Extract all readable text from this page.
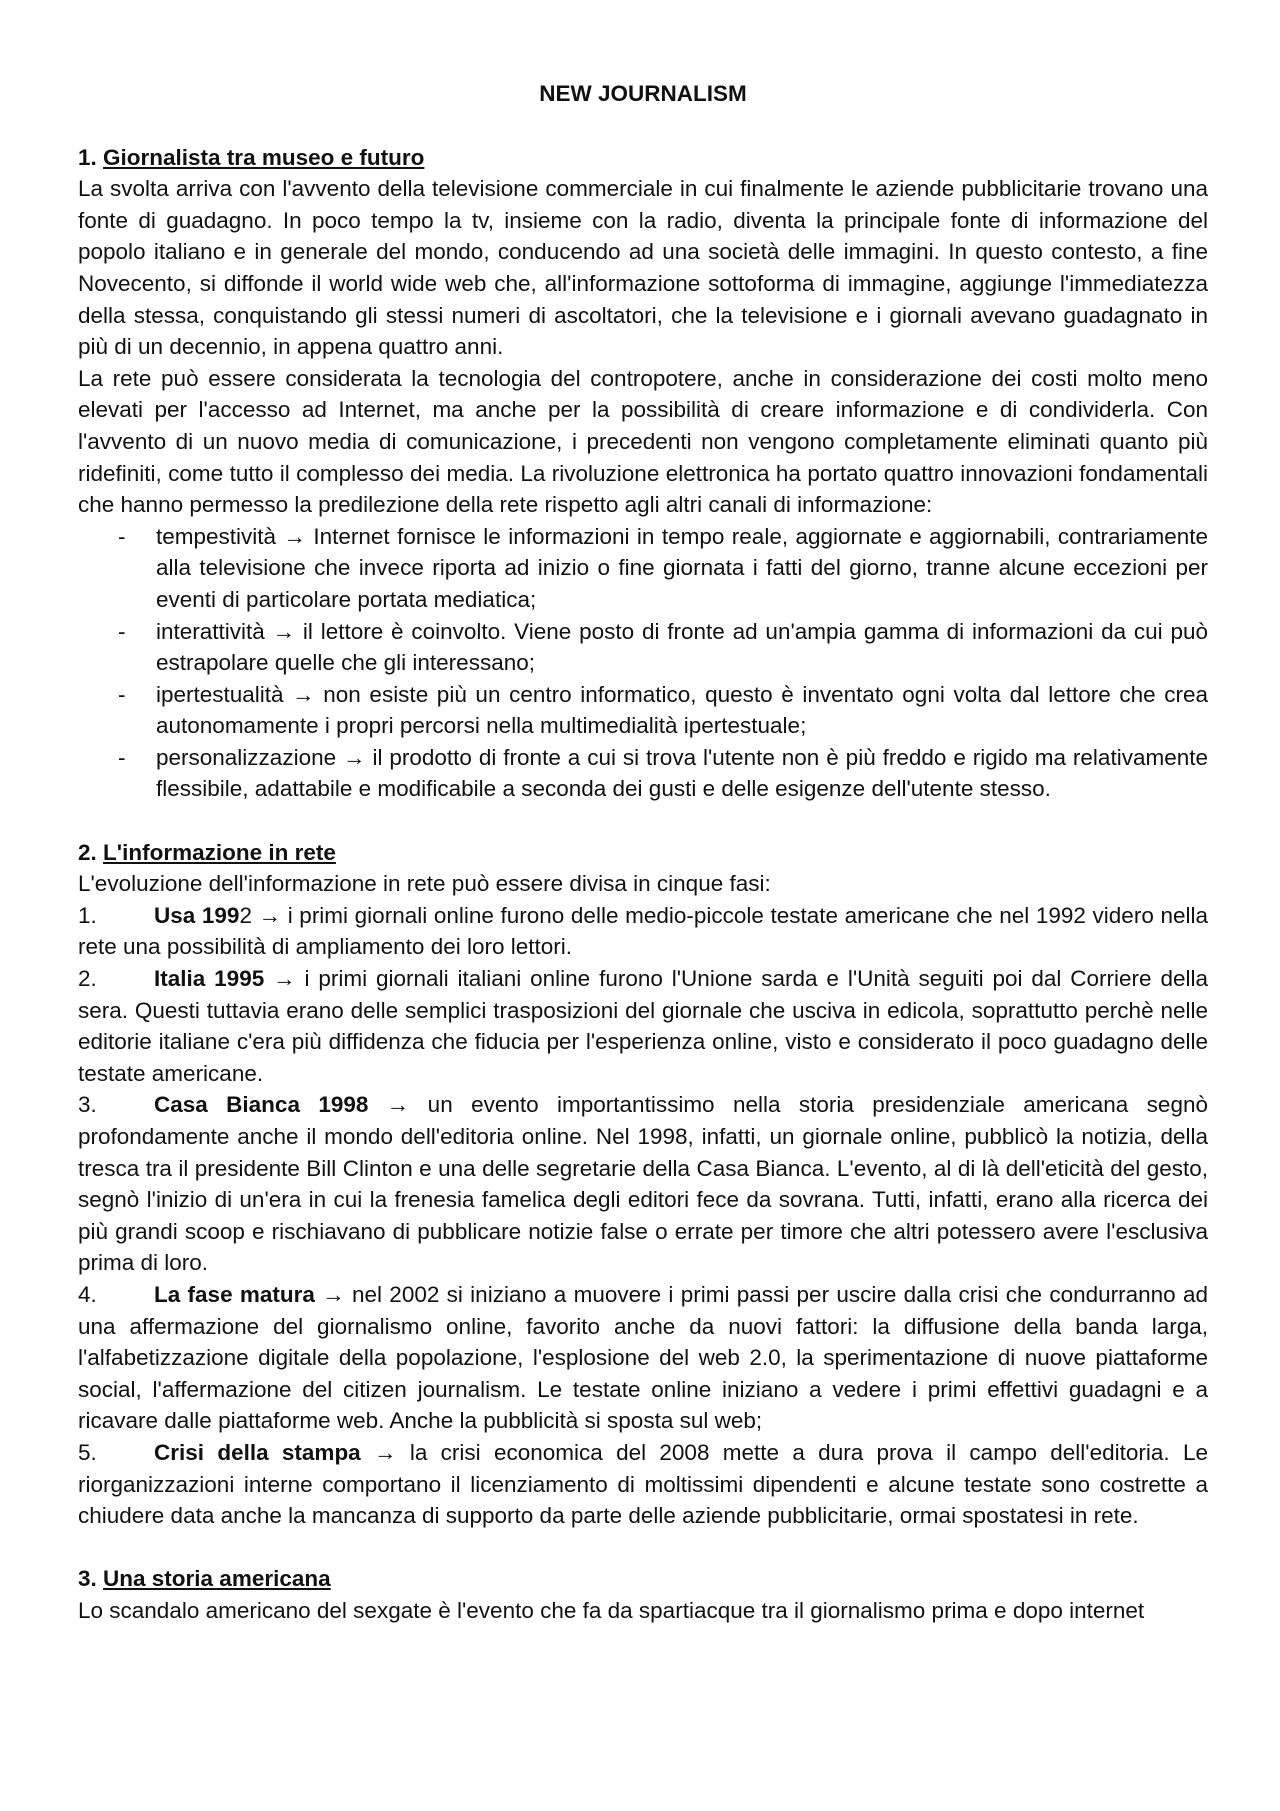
NEW JOURNALISM
1. Giornalista tra museo e futuro

La svolta arriva con l'avvento della televisione commerciale in cui finalmente le aziende pubblicitarie trovano una fonte di guadagno. In poco tempo la tv, insieme con la radio, diventa la principale fonte di informazione del popolo italiano e in generale del mondo, conducendo ad una società delle immagini. In questo contesto, a fine Novecento, si diffonde il world wide web che, all'informazione sottoforma di immagine, aggiunge l'immediatezza della stessa, conquistando gli stessi numeri di ascoltatori, che la televisione e i giornali avevano guadagnato in più di un decennio, in appena quattro anni.

La rete può essere considerata la tecnologia del contropotere, anche in considerazione dei costi molto meno elevati per l'accesso ad Internet, ma anche per la possibilità di creare informazione e di condividerla. Con l'avvento di un nuovo media di comunicazione, i precedenti non vengono completamente eliminati quanto più ridefiniti, come tutto il complesso dei media. La rivoluzione elettronica ha portato quattro innovazioni fondamentali che hanno permesso la predilezione della rete rispetto agli altri canali di informazione:

- tempestività → Internet fornisce le informazioni in tempo reale, aggiornate e aggiornabili, contrariamente alla televisione che invece riporta ad inizio o fine giornata i fatti del giorno, tranne alcune eccezioni per eventi di particolare portata mediatica;
- interattività → il lettore è coinvolto. Viene posto di fronte ad un'ampia gamma di informazioni da cui può estrapolare quelle che gli interessano;
- ipertestualità → non esiste più un centro informatico, questo è inventato ogni volta dal lettore che crea autonomamente i propri percorsi nella multimedialità ipertestuale;
- personalizzazione → il prodotto di fronte a cui si trova l'utente non è più freddo e rigido ma relativamente flessibile, adattabile e modificabile a seconda dei gusti e delle esigenze dell'utente stesso.
2. L'informazione in rete

L'evoluzione dell'informazione in rete può essere divisa in cinque fasi:

1.	Usa 1992 → i primi giornali online furono delle medio-piccole testate americane che nel 1992 videro nella rete una possibilità di ampliamento dei loro lettori.

2.	Italia 1995 → i primi giornali italiani online furono l'Unione sarda e l'Unità seguiti poi dal Corriere della sera. Questi tuttavia erano delle semplici trasposizioni del giornale che usciva in edicola, soprattutto perchè nelle editorie italiane c'era più diffidenza che fiducia per l'esperienza online, visto e considerato il poco guadagno delle testate americane.

3.	Casa Bianca 1998 → un evento importantissimo nella storia presidenziale americana segnò profondamente anche il mondo dell'editoria online. Nel 1998, infatti, un giornale online, pubblicò la notizia, della tresca tra il presidente Bill Clinton e una delle segretarie della Casa Bianca. L'evento, al di là dell'eticità del gesto, segnò l'inizio di un'era in cui la frenesia famelica degli editori fece da sovrana. Tutti, infatti, erano alla ricerca dei più grandi scoop e rischiavano di pubblicare notizie false o errate per timore che altri potessero avere l'esclusiva prima di loro.

4.	La fase matura → nel 2002 si iniziano a muovere i primi passi per uscire dalla crisi che condurranno ad una affermazione del giornalismo online, favorito anche da nuovi fattori: la diffusione della banda larga, l'alfabetizzazione digitale della popolazione, l'esplosione del web 2.0, la sperimentazione di nuove piattaforme social, l'affermazione del citizen journalism. Le testate online iniziano a vedere i primi effettivi guadagni e a ricavare dalle piattaforme web. Anche la pubblicità si sposta sul web;

5.	Crisi della stampa → la crisi economica del 2008 mette a dura prova il campo dell'editoria. Le riorganizzazioni interne comportano il licenziamento di moltissimi dipendenti e alcune testate sono costrette a chiudere data anche la mancanza di supporto da parte delle aziende pubblicitarie, ormai spostatesi in rete.

3. Una storia americana

Lo scandalo americano del sexgate è l'evento che fa da spartiacque tra il giornalismo prima e dopo internet
